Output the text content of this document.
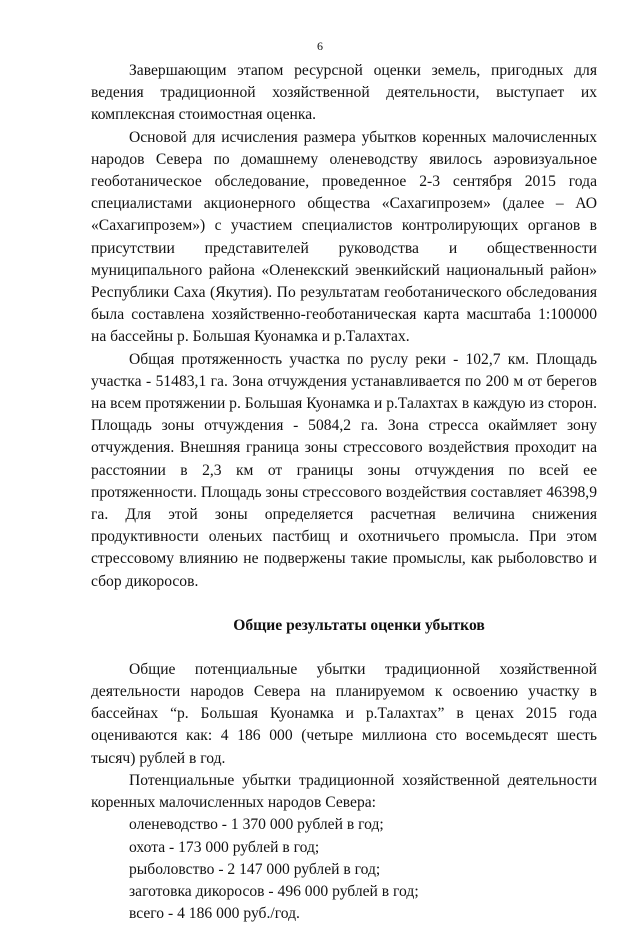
6

Завершающим этапом ресурсной оценки земель, пригодных для ведения традиционной хозяйственной деятельности, выступает их комплексная стоимостная оценка.

Основой для исчисления размера убытков коренных малочисленных народов Севера по домашнему оленеводству явилось аэровизуальное геоботаническое обследование, проведенное 2-3 сентября 2015 года специалистами акционерного общества «Сахагипрозем» (далее – АО «Сахагипрозем») с участием специалистов контролирующих органов в присутствии представителей руководства и общественности муниципального района «Оленекский эвенкийский национальный район» Республики Саха (Якутия). По результатам геоботанического обследования была составлена хозяйственно-геоботаническая карта масштаба 1:100000 на бассейны р. Большая Куонамка и р.Талахтах.

Общая протяженность участка по руслу реки - 102,7 км. Площадь участка - 51483,1 га. Зона отчуждения устанавливается по 200 м от берегов на всем протяжении р. Большая Куонамка и р.Талахтах в каждую из сторон. Площадь зоны отчуждения - 5084,2 га. Зона стресса окаймляет зону отчуждения. Внешняя граница зоны стрессового воздействия проходит на расстоянии в 2,3 км от границы зоны отчуждения по всей ее протяженности. Площадь зоны стрессового воздействия составляет 46398,9 га. Для этой зоны определяется расчетная величина снижения продуктивности оленьих пастбищ и охотничьего промысла. При этом стрессовому влиянию не подвержены такие промыслы, как рыболовство и сбор дикоросов.

Общие результаты оценки убытков

Общие потенциальные убытки традиционной хозяйственной деятельности народов Севера на планируемом к освоению участку в бассейнах “р. Большая Куонамка и р.Талахтах” в ценах 2015 года оцениваются как: 4 186 000 (четыре миллиона сто восемьдесят шесть тысяч) рублей в год.

Потенциальные убытки традиционной хозяйственной деятельности коренных малочисленных народов Севера:

оленеводство - 1 370 000 рублей в год;
охота - 173 000 рублей в год;
рыболовство - 2 147 000 рублей в год;
заготовка дикоросов - 496 000 рублей в год;
всего - 4 186 000 руб./год.
